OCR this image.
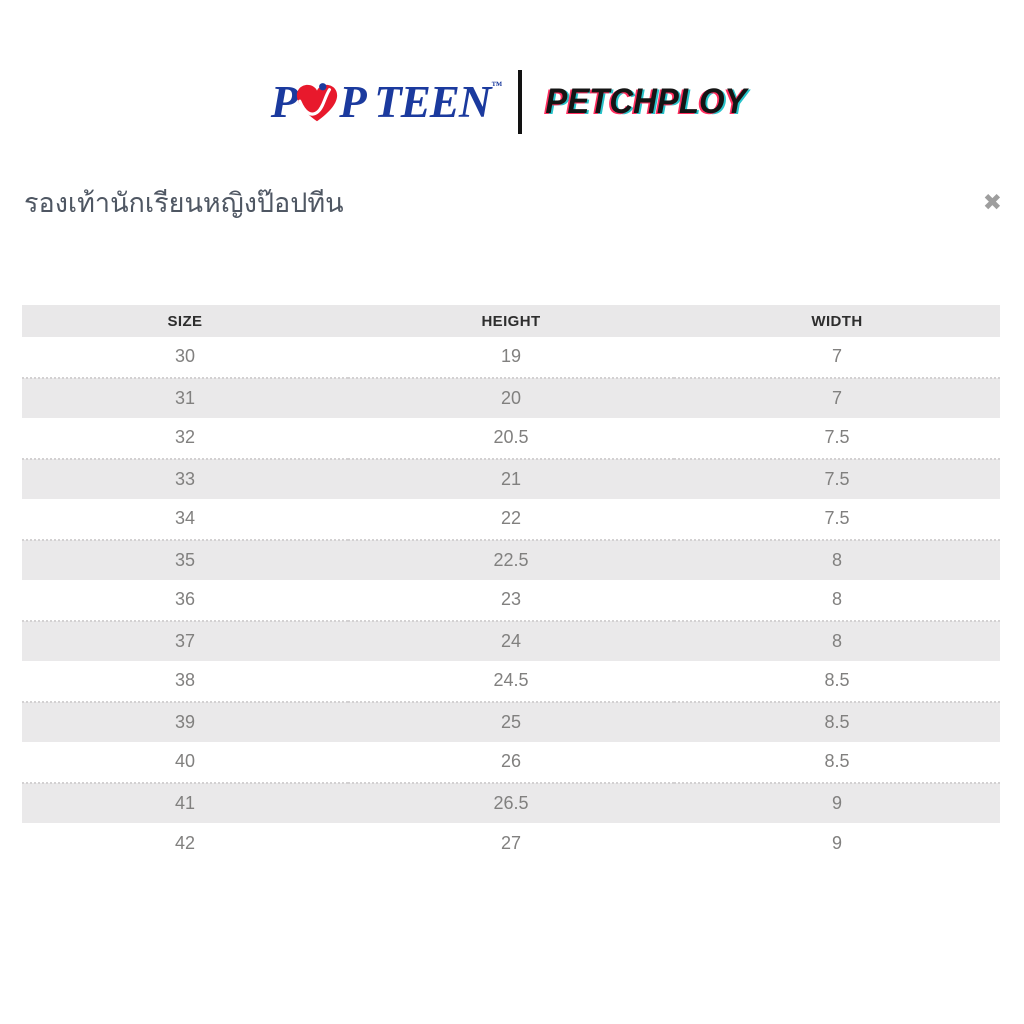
P P TEEN™ PETCHPLOY
รองเท้านักเรียนหญิงป๊อปทีน	✖
SIZE	HEIGHT	WIDTH
30	19	7
31	20	7
32	20.5	7.5
33	21	7.5
34	22	7.5
35	22.5	8
36	23	8
37	24	8
38	24.5	8.5
39	25	8.5
40	26	8.5
41	26.5	9
42	27	9
